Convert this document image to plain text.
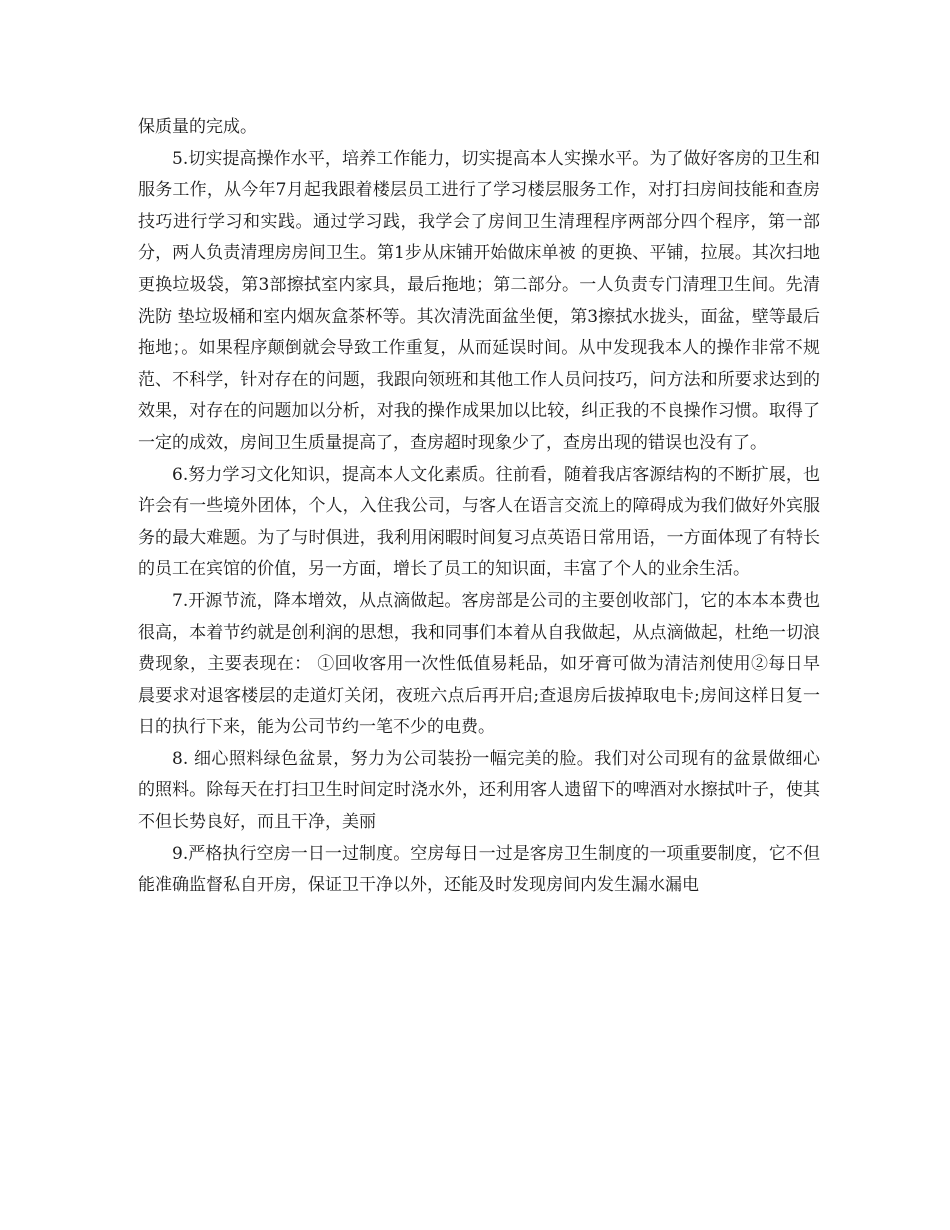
保质量的完成。

5.切实提高操作水平，培养工作能力，切实提高本人实操水平。为了做好客房的卫生和服务工作，从今年7月起我跟着楼层员工进行了学习楼层服务工作，对打扫房间技能和查房技巧进行学习和实践。通过学习践，我学会了房间卫生清理程序两部分四个程序，第一部分，两人负责清理房房间卫生。第1步从床铺开始做床单被 的更换、平铺，拉展。其次扫地更换垃圾袋，第3部擦拭室内家具，最后拖地；第二部分。一人负责专门清理卫生间。先清洗防 垫垃圾桶和室内烟灰盒茶杯等。其次清洗面盆坐便，第3擦拭水拢头，面盆，壁等最后拖地；。如果程序颠倒就会导致工作重复，从而延误时间。从中发现我本人的操作非常不规范、不科学，针对存在的问题，我跟向领班和其他工作人员问技巧，问方法和所要求达到的效果，对存在的问题加以分析，对我的操作成果加以比较，纠正我的不良操作习惯。取得了一定的成效，房间卫生质量提高了，查房超时现象少了，查房出现的错误也没有了。

6.努力学习文化知识，提高本人文化素质。往前看，随着我店客源结构的不断扩展，也许会有一些境外团体，个人，入住我公司，与客人在语言交流上的障碍成为我们做好外宾服务的最大难题。为了与时俱进，我利用闲暇时间复习点英语日常用语，一方面体现了有特长的员工在宾馆的价值，另一方面，增长了员工的知识面，丰富了个人的业余生活。

7.开源节流，降本增效，从点滴做起。客房部是公司的主要创收部门，它的本本本费也很高，本着节约就是创利润的思想，我和同事们本着从自我做起，从点滴做起，杜绝一切浪费现象，主要表现在： ①回收客用一次性低值易耗品，如牙膏可做为清洁剂使用②每日早晨要求对退客楼层的走道灯关闭，夜班六点后再开启;查退房后拔掉取电卡;房间这样日复一日的执行下来，能为公司节约一笔不少的电费。

8. 细心照料绿色盆景，努力为公司装扮一幅完美的脸。我们对公司现有的盆景做细心的照料。除每天在打扫卫生时间定时浇水外，还利用客人遗留下的啤酒对水擦拭叶子，使其不但长势良好，而且干净，美丽

9.严格执行空房一日一过制度。空房每日一过是客房卫生制度的一项重要制度，它不但能准确监督私自开房，保证卫干净以外，还能及时发现房间内发生漏水漏电
